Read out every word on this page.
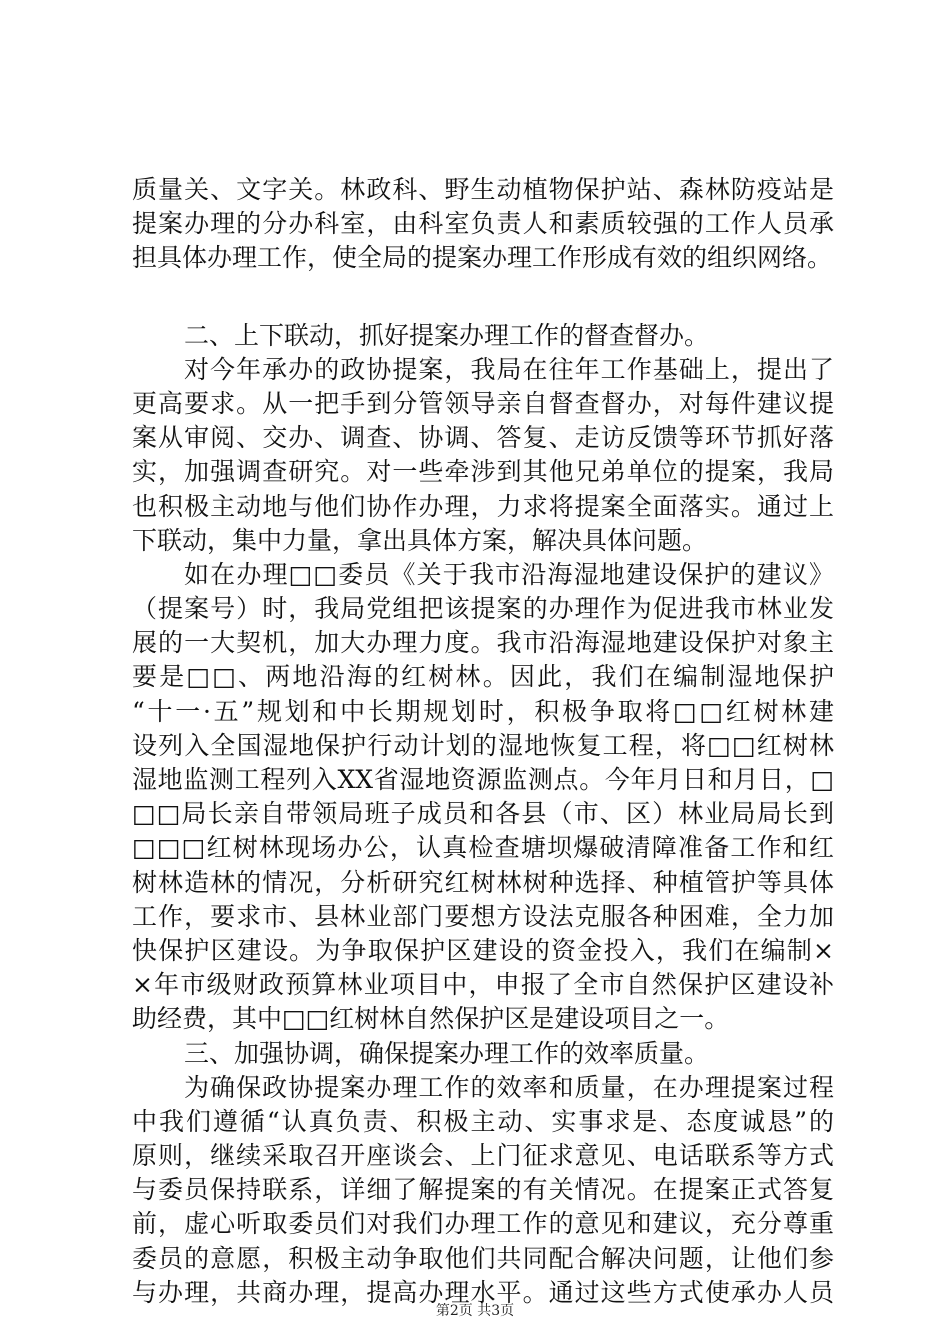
质量关、文字关。林政科、野生动植物保护站、森林防疫站是
提案办理的分办科室，由科室负责人和素质较强的工作人员承
担具体办理工作，使全局的提案办理工作形成有效的组织网络。
二、上下联动，抓好提案办理工作的督查督办。
对今年承办的政协提案，我局在往年工作基础上，提出了
更高要求。从一把手到分管领导亲自督查督办，对每件建议提
案从审阅、交办、调查、协调、答复、走访反馈等环节抓好落
实，加强调查研究。对一些牵涉到其他兄弟单位的提案，我局
也积极主动地与他们协作办理，力求将提案全面落实。通过上
下联动，集中力量，拿出具体方案，解决具体问题。
如在办理□□委员《关于我市沿海湿地建设保护的建议》
（提案号）时，我局党组把该提案的办理作为促进我市林业发
展的一大契机，加大办理力度。我市沿海湿地建设保护对象主
要是□□、两地沿海的红树林。因此，我们在编制湿地保护
“十一·五”规划和中长期规划时，积极争取将□□红树林建
设列入全国湿地保护行动计划的湿地恢复工程，将□□红树林
湿地监测工程列入XX省湿地资源监测点。今年月日和月日，□
□□局长亲自带领局班子成员和各县（市、区）林业局局长到
□□□红树林现场办公，认真检查塘坝爆破清障准备工作和红
树林造林的情况，分析研究红树林树种选择、种植管护等具体
工作，要求市、县林业部门要想方设法克服各种困难，全力加
快保护区建设。为争取保护区建设的资金投入，我们在编制×
×年市级财政预算林业项目中，申报了全市自然保护区建设补
助经费，其中□□红树林自然保护区是建设项目之一。
三、加强协调，确保提案办理工作的效率质量。
为确保政协提案办理工作的效率和质量，在办理提案过程
中我们遵循“认真负责、积极主动、实事求是、态度诚恳”的
原则，继续采取召开座谈会、上门征求意见、电话联系等方式
与委员保持联系，详细了解提案的有关情况。在提案正式答复
前，虚心听取委员们对我们办理工作的意见和建议，充分尊重
委员的意愿，积极主动争取他们共同配合解决问题，让他们参
与办理，共商办理，提高办理水平。通过这些方式使承办人员
第2页 共3页
